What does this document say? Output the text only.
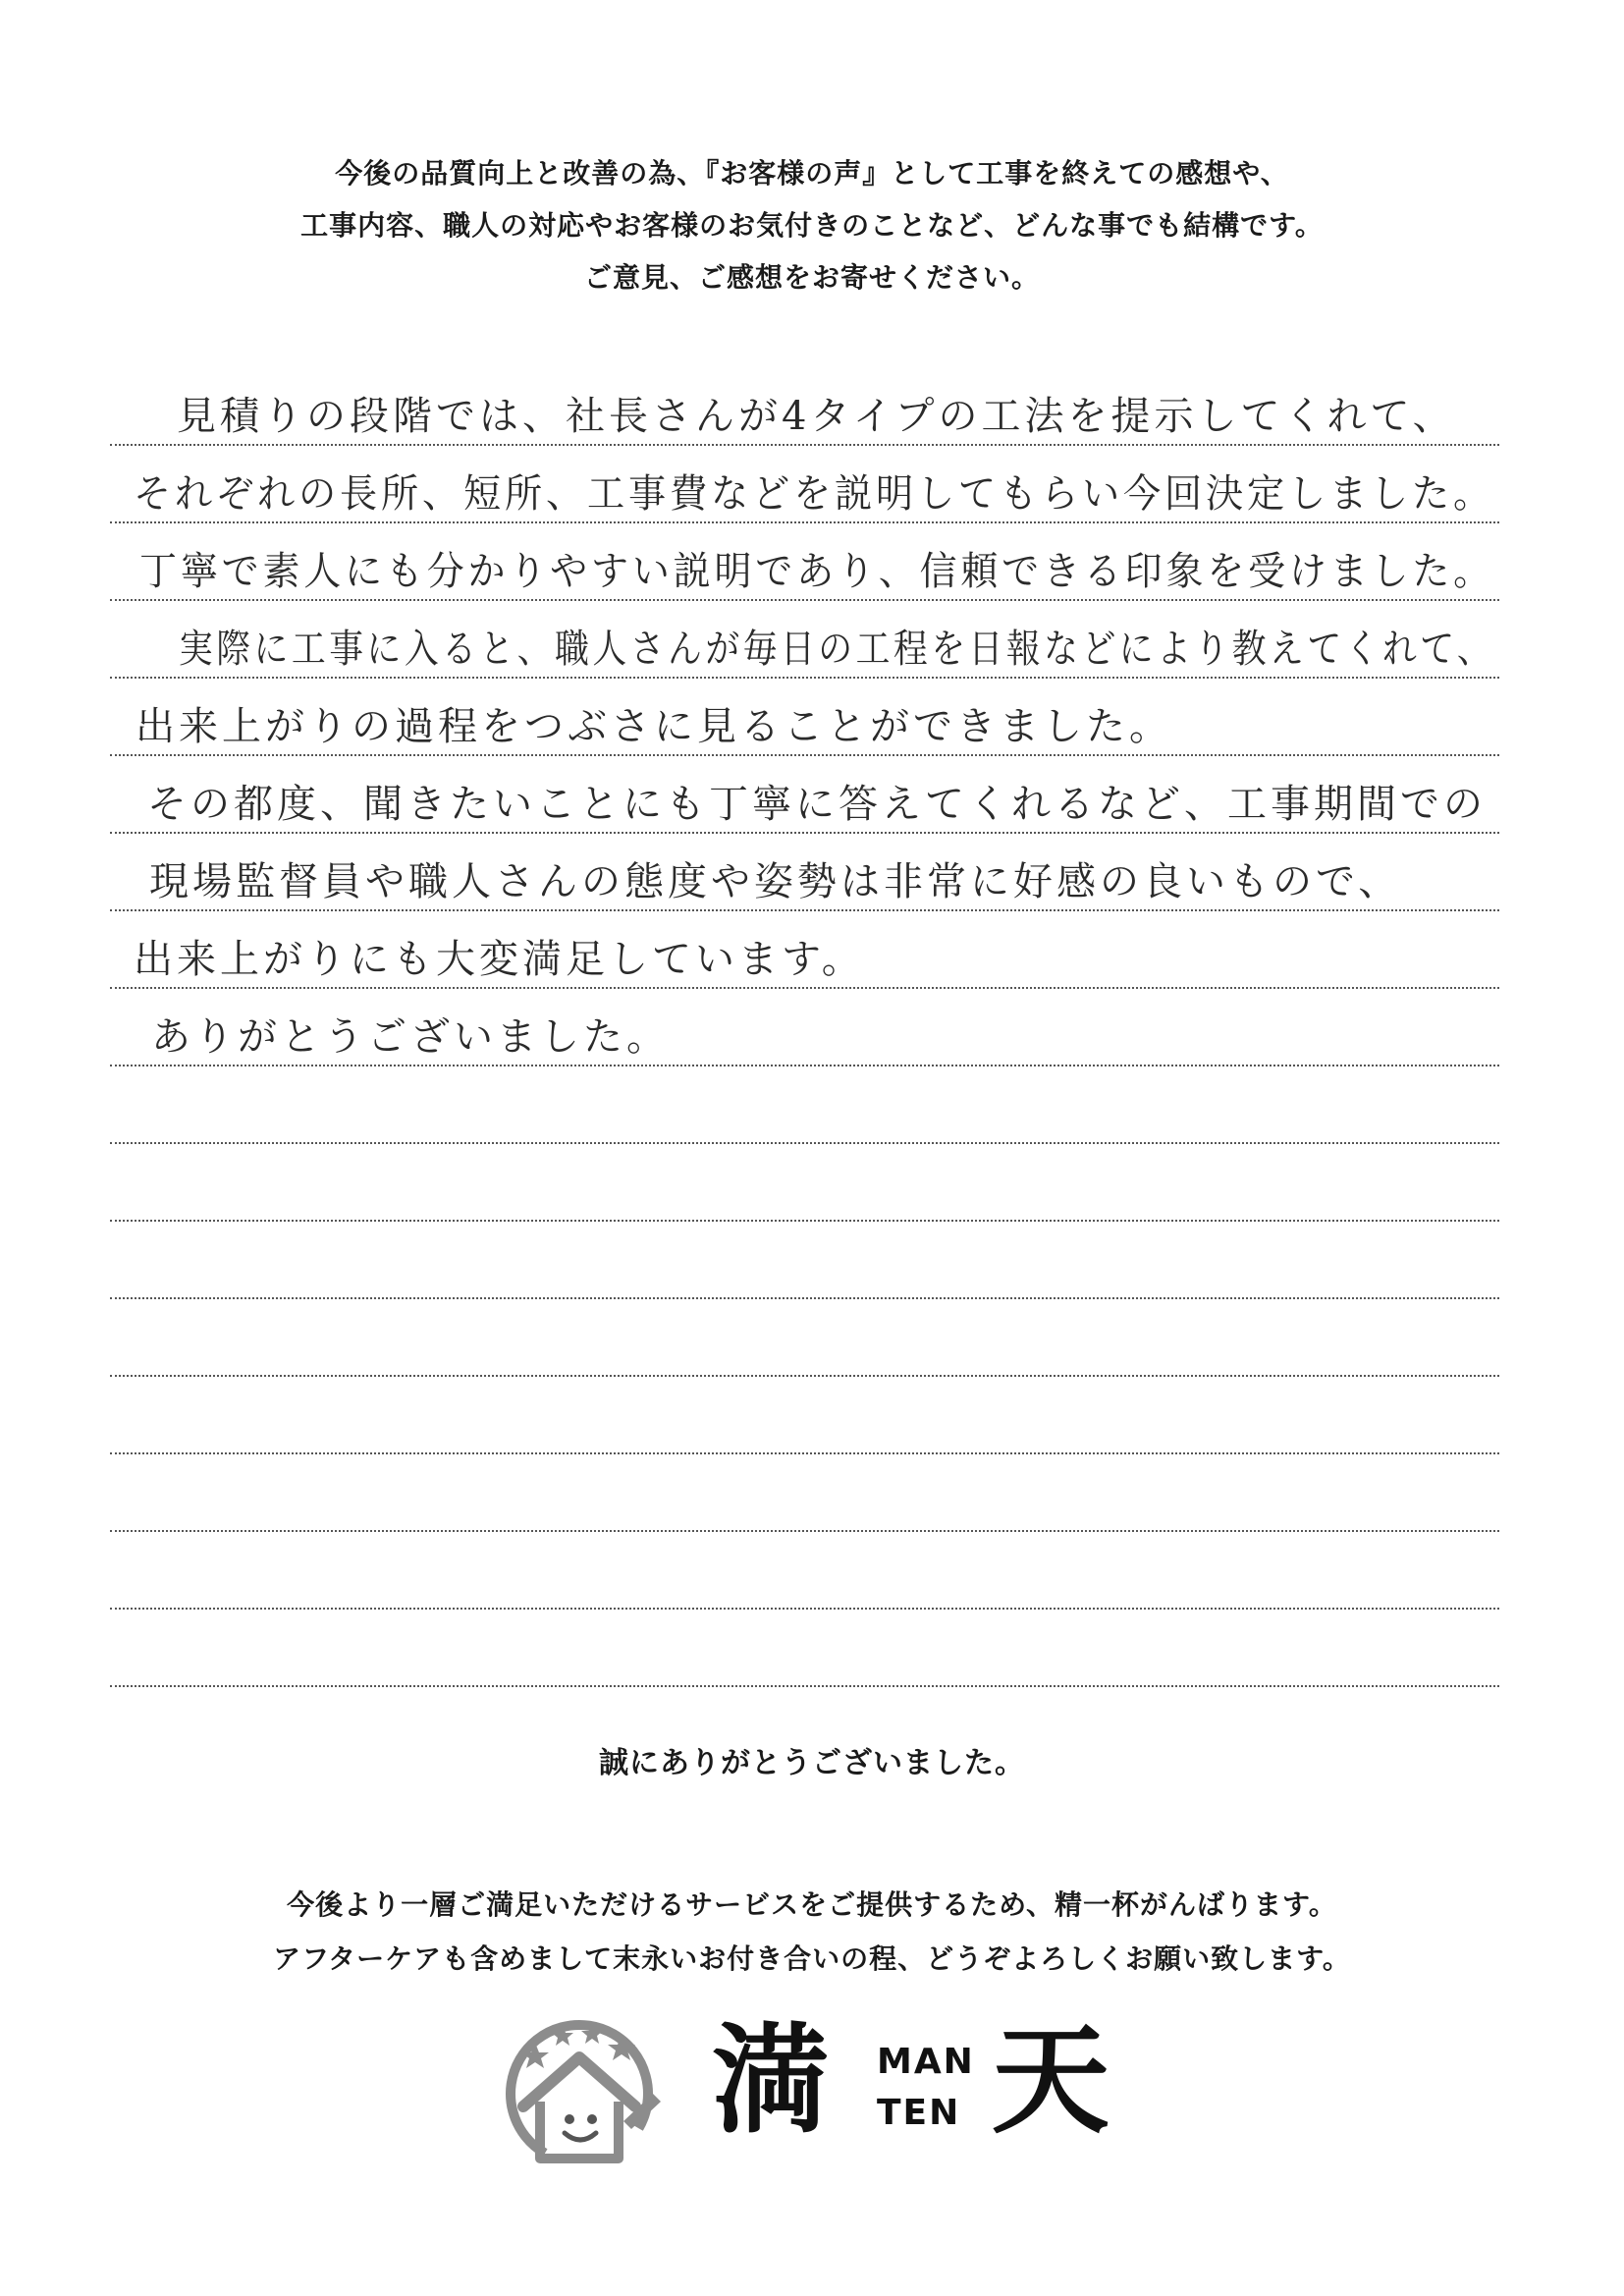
今後の品質向上と改善の為、『お客様の声』として工事を終えての感想や、
工事内容、職人の対応やお客様のお気付きのことなど、どんな事でも結構です。
ご意見、ご感想をお寄せください。
見積りの段階では、社長さんが4タイプの工法を提示してくれて、
それぞれの長所、短所、工事費などを説明してもらい今回決定しました。
丁寧で素人にも分かりやすい説明であり、信頼できる印象を受けました。
実際に工事に入ると、職人さんが毎日の工程を日報などにより教えてくれて、
出来上がりの過程をつぶさに見ることができました。
その都度、聞きたいことにも丁寧に答えてくれるなど、工事期間での
現場監督員や職人さんの態度や姿勢は非常に好感の良いもので、
出来上がりにも大変満足しています。
ありがとうございました。
誠にありがとうございました。
今後より一層ご満足いただけるサービスをご提供するため、精一杯がんばります。
アフターケアも含めまして末永いお付き合いの程、どうぞよろしくお願い致します。
満 MAN
TEN 天
